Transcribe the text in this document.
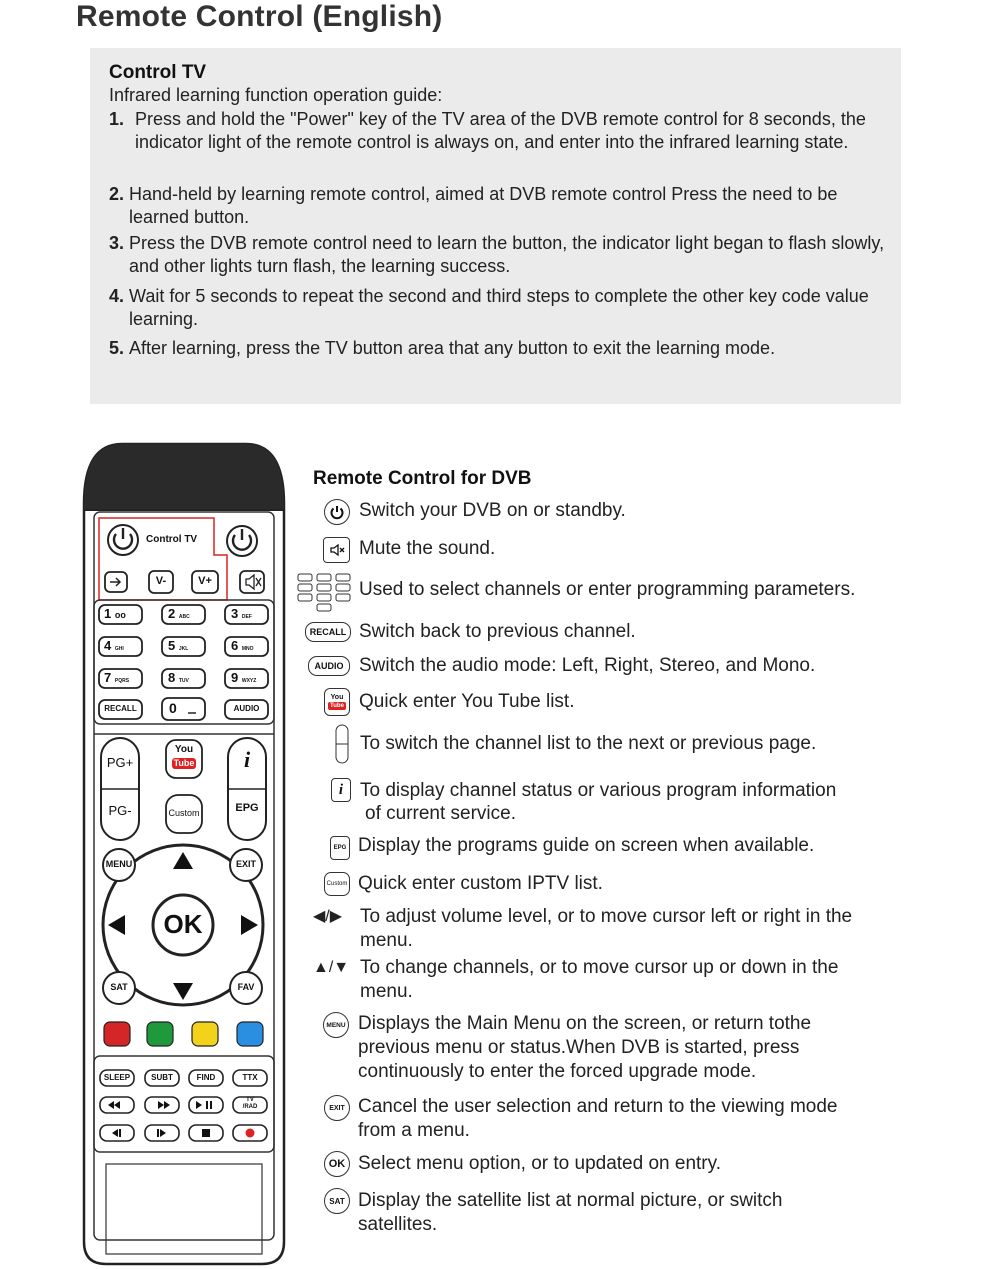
Remote Control (English)
Control TV
Infrared learning function operation guide:
1. Press and hold the "Power" key of the TV area of the DVB remote control for 8 seconds, the indicator light of the remote control is always on, and enter into the infrared learning state.
2. Hand-held by learning remote control, aimed at DVB remote control Press the need to be learned button.
3. Press the DVB remote control need to learn the button, the indicator light began to flash slowly, and other lights turn flash, the learning success.
4. Wait for 5 seconds to repeat the second and third steps to complete the other key code value learning.
5. After learning, press the TV button area that any button to exit the learning mode.
Control TV
V-	V+
1 oo	2 ABC	3 DEF
4 GHI	5 JKL	6 MNO
7 PQRS	8 TUV	9 WXYZ
RECALL	0	AUDIO
PG+
PG-
You
Tube	i
Custom	EPG
MENU	EXIT
OK
SAT	FAV
SLEEP	SUBT	FIND	TTX
TV
/RAD
Remote Control for DVB
Switch your DVB on or standby.
Mute the sound.
Used to select channels or enter programming parameters.
RECALL Switch back to previous channel.
AUDIO Switch the audio mode: Left, Right, Stereo, and Mono.
You
Tube Quick enter You Tube list.
To switch the channel list to the next or previous page.
i To display channel status or various program information
of current service.
EPG Display the programs guide on screen when available.
Custom Quick enter custom IPTV list.
◀/▶ To adjust volume level, or to move cursor left or right in the
menu.
▲/▼ To change channels, or to move cursor up or down in the
menu.
MENU Displays the Main Menu on the screen, or return tothe
previous menu or status.When DVB is started, press
continuously to enter the forced upgrade mode.
EXIT Cancel the user selection and return to the viewing mode
from a menu.
OK Select menu option, or to updated on entry.
SAT Display the satellite list at normal picture, or switch
satellites.
